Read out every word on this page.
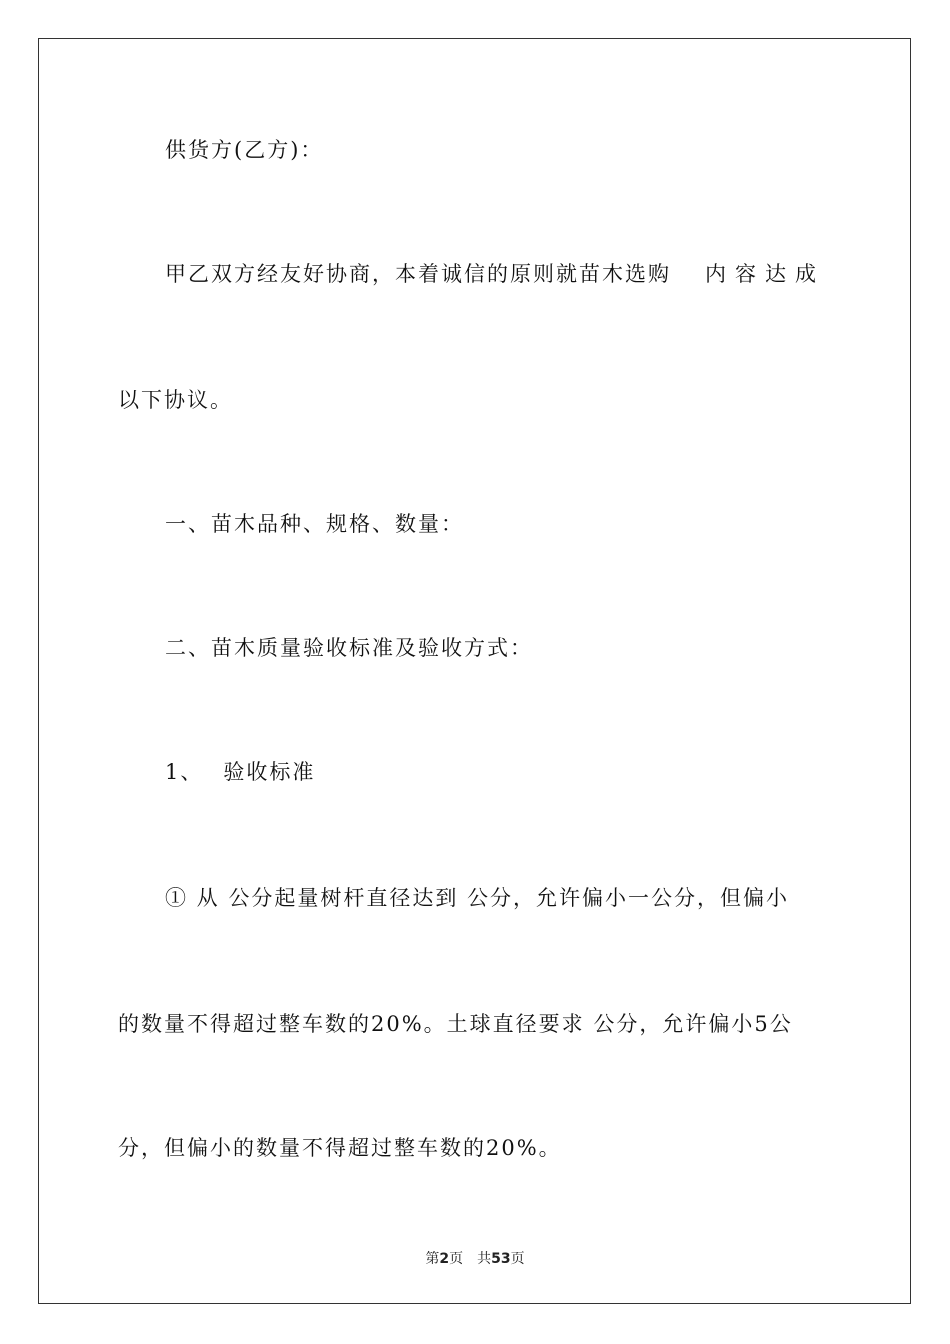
供货方(乙方)：
甲乙双方经友好协商，本着诚信的原则就苗木选购 内容达成
以下协议。
一、苗木品种、规格、数量：
二、苗木质量验收标准及验收方式：
1、 验收标准
① 从 公分起量树杆直径达到 公分，允许偏小一公分，但偏小
的数量不得超过整车数的20%。土球直径要求 公分，允许偏小5公
分，但偏小的数量不得超过整车数的20%。
第2页 共53页
